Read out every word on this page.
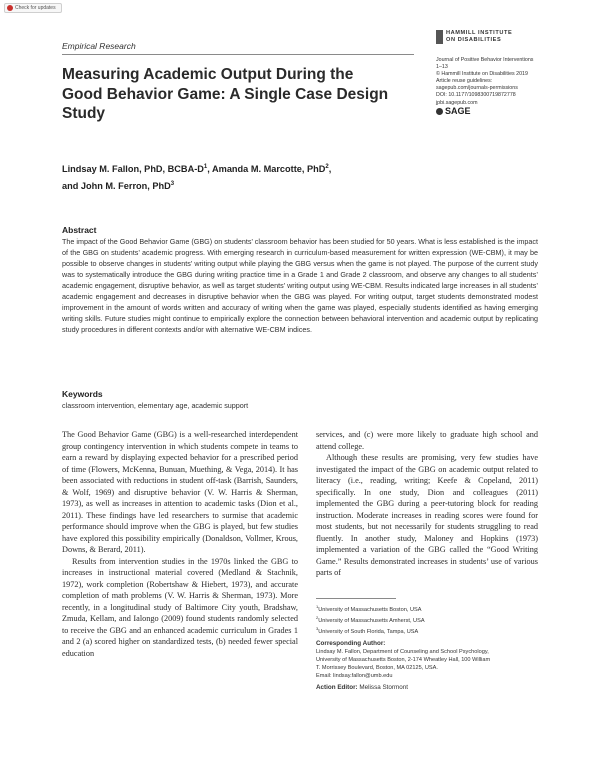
Check for updates
Empirical Research
HAMMILL INSTITUTE
ON DISABILITIES
Journal of Positive Behavior Interventions
1–13
© Hammill Institute on Disabilities 2019
Article reuse guidelines:
sagepub.com/journals-permissions
DOI: 10.1177/1098300719872778
jpbi.sagepub.com
SAGE
Measuring Academic Output During the Good Behavior Game: A Single Case Design Study
Lindsay M. Fallon, PhD, BCBA-$D^1$, Amanda M. Marcotte, PhD$^2$,
and John M. Ferron, PhD$^3$
Abstract
The impact of the Good Behavior Game (GBG) on students’ classroom behavior has been studied for 50 years. What is less established is the impact of the GBG on students’ academic progress. With emerging research in curriculum-based measurement for written expression (WE-CBM), it may be possible to observe changes in students’ writing output while playing the GBG versus when the game is not played. The purpose of the current study was to systematically introduce the GBG during writing practice time in a Grade 1 and Grade 2 classroom, and observe any changes to all students’ academic engagement, disruptive behavior, as well as target students’ writing output using WE-CBM. Results indicated large increases in all students’ academic engagement and decreases in disruptive behavior when the GBG was played. For writing output, target students demonstrated modest improvement in the amount of words written and accuracy of writing when the game was played, especially students identified as having emerging writing skills. Future studies might continue to empirically explore the connection between behavioral intervention and academic output by replicating study procedures in different contexts and/or with alternative WE-CBM indices.
Keywords
classroom intervention, elementary age, academic support

The Good Behavior Game (GBG) is a well-researched interdependent group contingency intervention in which students compete in teams to earn a reward by displaying expected behavior for a prescribed period of time (Flowers, McKenna, Bunuan, Muething, & Vega, 2014). It has been associated with reductions in student off-task (Barrish, Saunders, & Wolf, 1969) and disruptive behavior (V. W. Harris & Sherman, 1973), as well as increases in attention to academic tasks (Dion et al., 2011). These findings have led researchers to surmise that academic performance should improve when the GBG is played, but few studies have explored this possibility empirically (Donaldson, Vollmer, Krous, Downs, & Berard, 2011).

Results from intervention studies in the 1970s linked the GBG to increases in instructional material covered (Medland & Stachnik, 1972), work completion (Robertshaw & Hiebert, 1973), and accurate completion of math problems (V. W. Harris & Sherman, 1973). More recently, in a longitudinal study of Baltimore City youth, Bradshaw, Zmuda, Kellam, and Ialongo (2009) found students randomly selected to receive the GBG and an enhanced academic curriculum in Grades 1 and 2 (a) scored higher on standardized tests, (b) needed fewer special education

services, and (c) were more likely to graduate high school and attend college.

Although these results are promising, very few studies have investigated the impact of the GBG on academic output related to literacy (i.e., reading, writing; Keefe & Copeland, 2011) specifically. In one study, Dion and colleagues (2011) implemented the GBG during a peer-tutoring block for reading instruction. Moderate increases in reading scores were found for most students, but not necessarily for students struggling to read fluently. In another study, Maloney and Hopkins (1973) implemented a variation of the GBG called the “Good Writing Game.” Results demonstrated increases in students’ use of various parts of

$^1$University of Massachusetts Boston, USA
$^2$University of Massachusetts Amherst, USA
$^3$University of South Florida, Tampa, USA
Corresponding Author:
Lindsay M. Fallon, Department of Counseling and School Psychology,
University of Massachusetts Boston, 2-174 Wheatley Hall, 100 William
T. Morrissey Boulevard, Boston, MA 02125, USA.
Email: lindsay.fallon@umb.edu
Action Editor: Melissa Stormont
